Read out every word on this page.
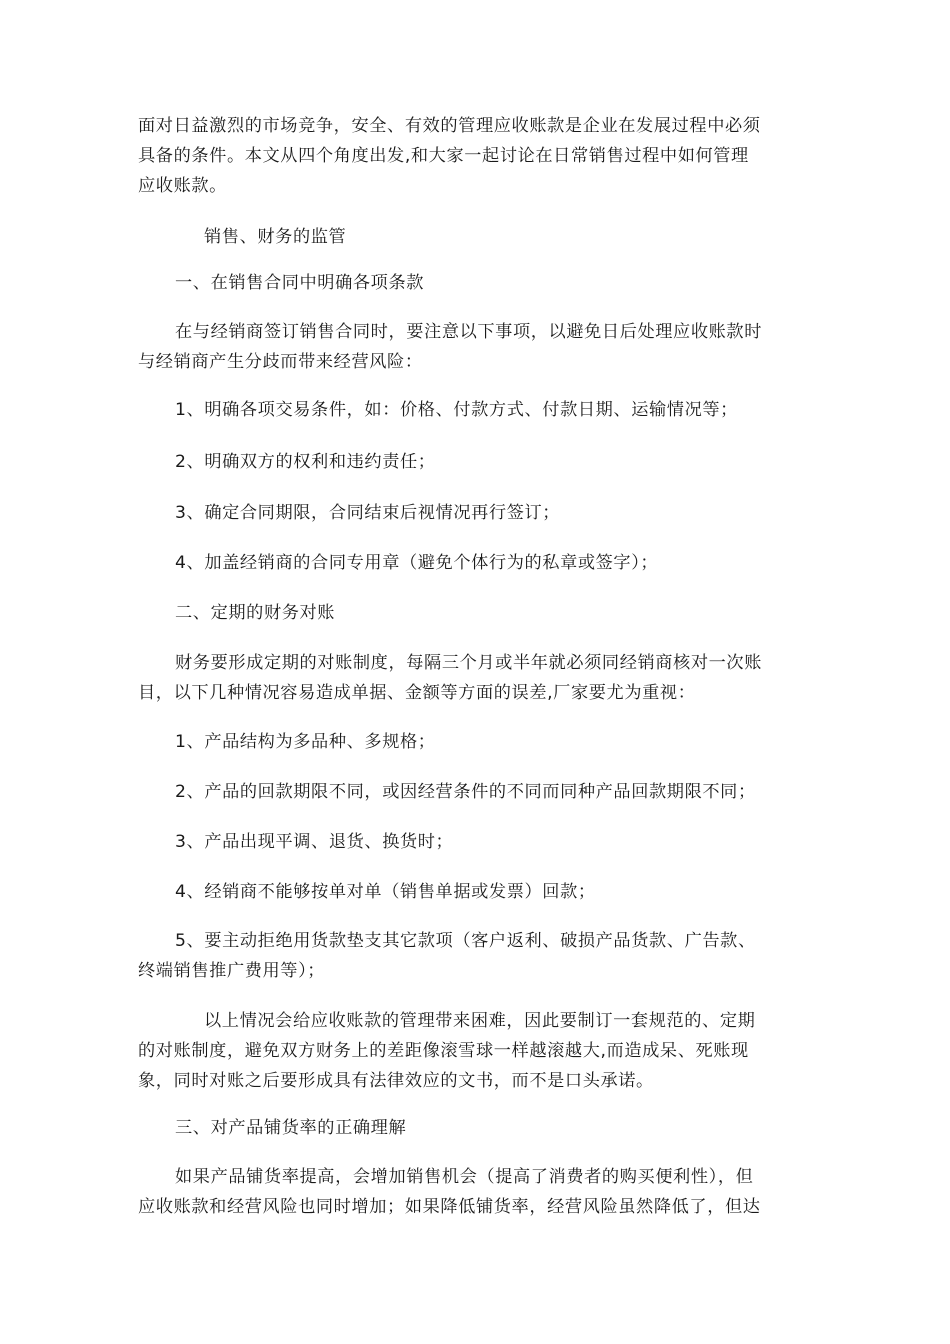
面对日益激烈的市场竞争，安全、有效的管理应收账款是企业在发展过程中必须
具备的条件。本文从四个角度出发,和大家一起讨论在日常销售过程中如何管理
应收账款。

销售、财务的监管

一、在销售合同中明确各项条款

在与经销商签订销售合同时，要注意以下事项，以避免日后处理应收账款时
与经销商产生分歧而带来经营风险：

1、明确各项交易条件，如：价格、付款方式、付款日期、运输情况等；

2、明确双方的权利和违约责任；

3、确定合同期限，合同结束后视情况再行签订；

4、加盖经销商的合同专用章（避免个体行为的私章或签字）；

二、定期的财务对账

财务要形成定期的对账制度，每隔三个月或半年就必须同经销商核对一次账
目，以下几种情况容易造成单据、金额等方面的误差,厂家要尤为重视：

1、产品结构为多品种、多规格；

2、产品的回款期限不同，或因经营条件的不同而同种产品回款期限不同；

3、产品出现平调、退货、换货时；

4、经销商不能够按单对单（销售单据或发票）回款；

5、要主动拒绝用货款垫支其它款项（客户返利、破损产品货款、广告款、
终端销售推广费用等）；

以上情况会给应收账款的管理带来困难，因此要制订一套规范的、定期
的对账制度，避免双方财务上的差距像滚雪球一样越滚越大,而造成呆、死账现
象，同时对账之后要形成具有法律效应的文书，而不是口头承诺。

三、对产品铺货率的正确理解

如果产品铺货率提高，会增加销售机会（提高了消费者的购买便利性），但
应收账款和经营风险也同时增加；如果降低铺货率，经营风险虽然降低了，但达
